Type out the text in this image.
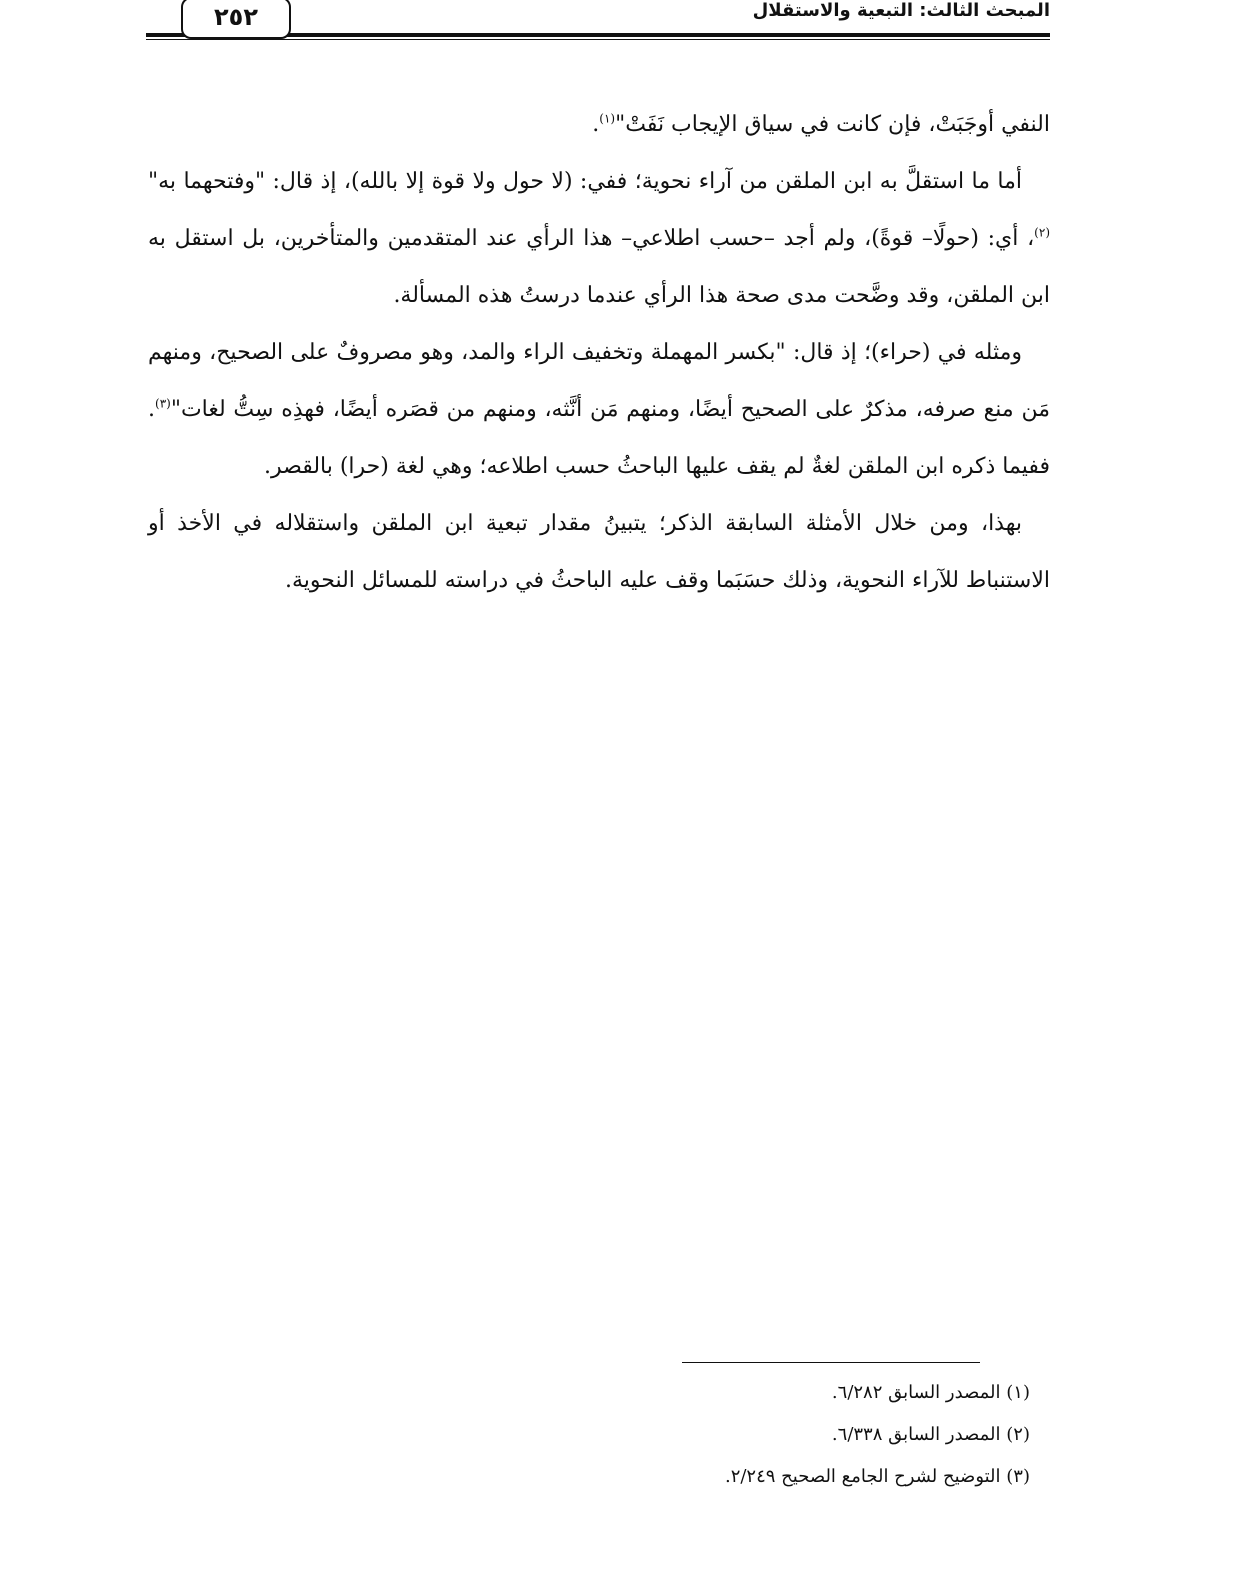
٢٥٢	المبحث الثالث: التبعية والاستقلال

النفي أوجَبَتْ، فإن كانت في سياق الإيجاب نَفَتْ"$^{(١)}$.

أما ما استقلَّ به ابن الملقن من آراء نحوية؛ ففي: (لا حول ولا قوة إلا بالله)، إذ قال: "وفتحهما به"$^{(٢)}$، أي: (حولًا– قوةً)، ولم أجد –حسب اطلاعي– هذا الرأي عند المتقدمين والمتأخرين، بل استقل به ابن الملقن، وقد وضَّحت مدى صحة هذا الرأي عندما درستُ هذه المسألة.

ومثله في (حراء)؛ إذ قال: "بكسر المهملة وتخفيف الراء والمد، وهو مصروفٌ على الصحيح، ومنهم مَن منع صرفه، مذكرٌ على الصحيح أيضًا، ومنهم مَن أنَّثه، ومنهم من قصَره أيضًا، فهذِه سِتُّ لغات"$^{(٣)}$. ففيما ذكره ابن الملقن لغةٌ لم يقف عليها الباحثُ حسب اطلاعه؛ وهي لغة (حرا) بالقصر.

بهذا، ومن خلال الأمثلة السابقة الذكر؛ يتبينُ مقدار تبعية ابن الملقن واستقلاله في الأخذ أو الاستنباط للآراء النحوية، وذلك حسَبَما وقف عليه الباحثُ في دراسته للمسائل النحوية.

(١) المصدر السابق ٦/٢٨٢.
(٢) المصدر السابق ٦/٣٣٨.
(٣) التوضيح لشرح الجامع الصحيح ٢/٢٤٩.
